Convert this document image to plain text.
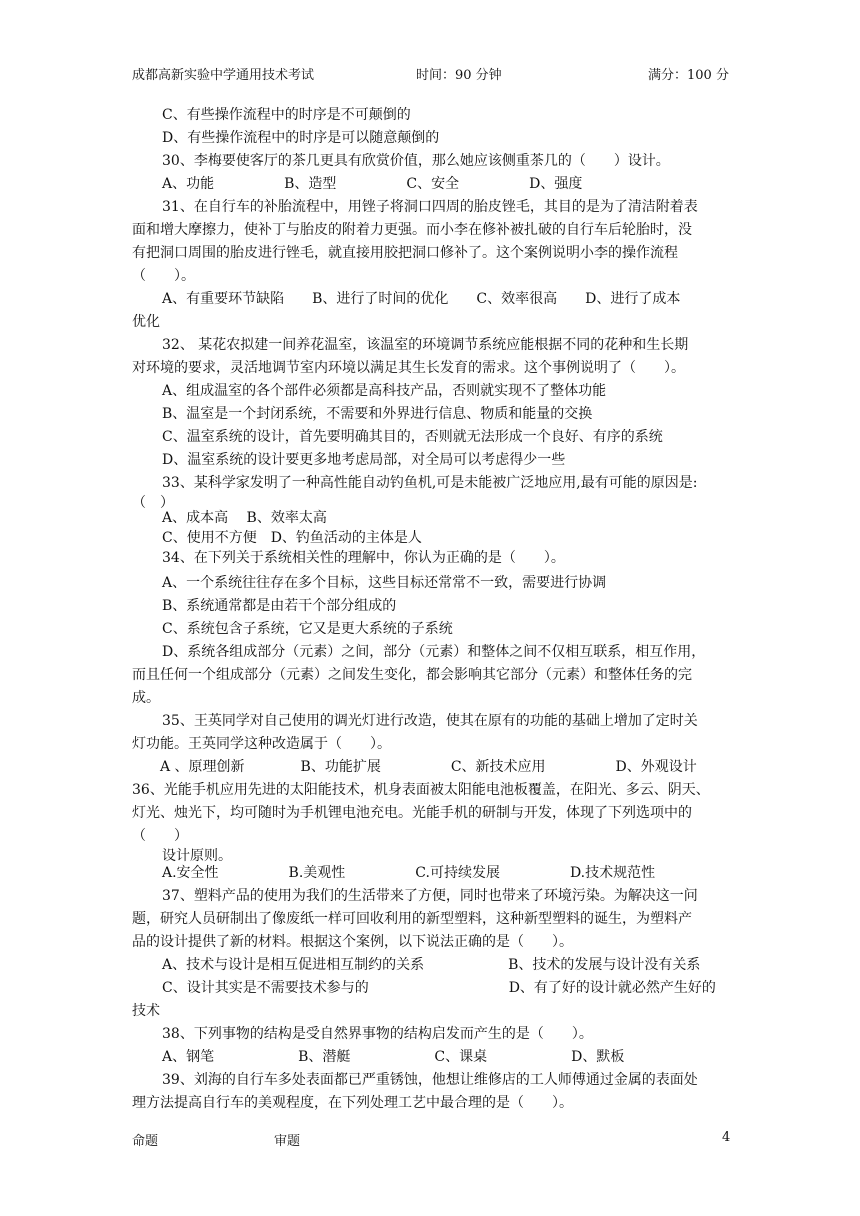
成都高新实验中学通用技术考试	时间：90 分钟	满分：100 分
C、有些操作流程中的时序是不可颠倒的
D、有些操作流程中的时序是可以随意颠倒的
30、李梅要使客厅的茶几更具有欣赏价值，那么她应该侧重茶几的（　　）设计。
A、功能　　　　　B、造型　　　　　C、安全　　　　　D、强度
31、在自行车的补胎流程中，用锉子将洞口四周的胎皮锉毛，其目的是为了清洁附着表
面和增大摩擦力，使补丁与胎皮的附着力更强。而小李在修补被扎破的自行车后轮胎时，没
有把洞口周围的胎皮进行锉毛，就直接用胶把洞口修补了。这个案例说明小李的操作流程
（　　）。
A、有重要环节缺陷　　B、进行了时间的优化　　C、效率很高　　D、进行了成本
优化
32、 某花农拟建一间养花温室，该温室的环境调节系统应能根据不同的花种和生长期
对环境的要求，灵活地调节室内环境以满足其生长发育的需求。这个事例说明了（　　）。
A、组成温室的各个部件必须都是高科技产品，否则就实现不了整体功能
B、温室是一个封闭系统，不需要和外界进行信息、物质和能量的交换
C、温室系统的设计，首先要明确其目的，否则就无法形成一个良好、有序的系统
D、温室系统的设计要更多地考虑局部，对全局可以考虑得少一些
33、某科学家发明了一种高性能自动钓鱼机,可是未能被广泛地应用,最有可能的原因是:
（　）
A、成本高　 B、效率太高
C、使用不方便　D、钓鱼活动的主体是人
34、在下列关于系统相关性的理解中，你认为正确的是（　　）。
A、一个系统往往存在多个目标，这些目标还常常不一致，需要进行协调
B、系统通常都是由若干个部分组成的
C、系统包含子系统，它又是更大系统的子系统
D、系统各组成部分（元素）之间，部分（元素）和整体之间不仅相互联系，相互作用，
而且任何一个组成部分（元素）之间发生变化，都会影响其它部分（元素）和整体任务的完
成。
35、王英同学对自己使用的调光灯进行改造，使其在原有的功能的基础上增加了定时关
灯功能。王英同学这种改造属于（　　）。
A 、原理创新　　　　B、功能扩展　　　　　C、新技术应用　　　　　D、外观设计
36、光能手机应用先进的太阳能技术，机身表面被太阳能电池板覆盖，在阳光、多云、阴天、
灯光、烛光下，均可随时为手机锂电池充电。光能手机的研制与开发，体现了下列选项中的
（　　）
设计原则。
A.安全性　　　　　B.美观性　　　　　C.可持续发展　　　　　D.技术规范性
37、塑料产品的使用为我们的生活带来了方便，同时也带来了环境污染。为解决这一问
题，研究人员研制出了像废纸一样可回收利用的新型塑料，这种新型塑料的诞生，为塑料产
品的设计提供了新的材料。根据这个案例，以下说法正确的是（　　）。
A、技术与设计是相互促进相互制约的关系　　　　　　B、技术的发展与设计没有关系
C、设计其实是不需要技术参与的　　　　　　　　　　D、有了好的设计就必然产生好的
技术
38、下列事物的结构是受自然界事物的结构启发而产生的是（　　）。
A、钢笔　　　　　　B、潜艇　　　　　　C、课桌　　　　　　D、默板
39、刘海的自行车多处表面都已严重锈蚀，他想让维修店的工人师傅通过金属的表面处
理方法提高自行车的美观程度，在下列处理工艺中最合理的是（　　）。
命题	审题	4
